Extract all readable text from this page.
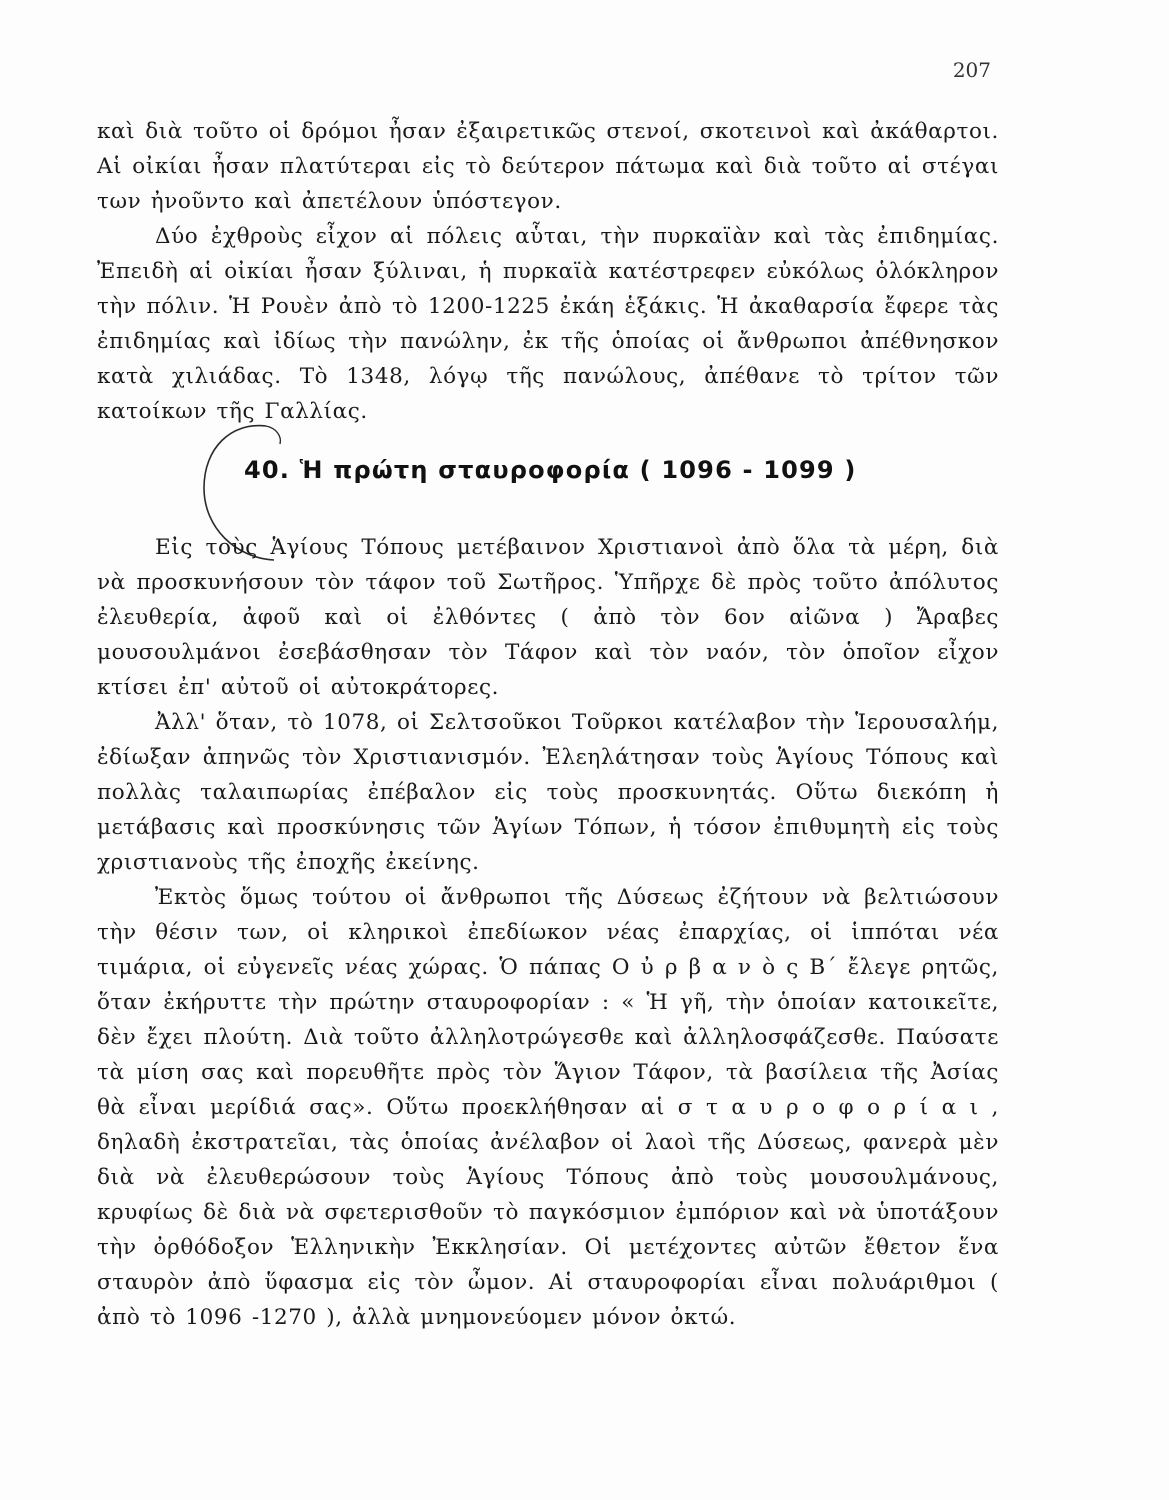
207

καὶ διὰ τοῦτο οἱ δρόμοι ἦσαν ἐξαιρετικῶς στενοί, σκοτεινοὶ καὶ ἀκάθαρτοι. Αἱ οἰκίαι ἦσαν πλατύτεραι εἰς τὸ δεύτερον πάτωμα καὶ διὰ τοῦτο αἱ στέγαι των ἠνοῦντο καὶ ἀπετέλουν ὑπόστεγον.

Δύο ἐχθροὺς εἶχον αἱ πόλεις αὗται, τὴν πυρκαϊὰν καὶ τὰς ἐπιδημίας. Ἐπειδὴ αἱ οἰκίαι ἦσαν ξύλιναι, ἡ πυρκαϊὰ κατέστρεφεν εὐκόλως ὁλόκληρον τὴν πόλιν. Ἡ Ρουὲν ἀπὸ τὸ 1200-1225 ἐκάη ἑξάκις. Ἡ ἀκαθαρσία ἔφερε τὰς ἐπιδημίας καὶ ἰδίως τὴν πανώλην, ἐκ τῆς ὁποίας οἱ ἄνθρωποι ἀπέθνησκον κατὰ χιλιάδας. Τὸ 1348, λόγῳ τῆς πανώλους, ἀπέθανε τὸ τρίτον τῶν κατοίκων τῆς Γαλλίας.

40. Ἡ πρώτη σταυροφορία ( 1096 - 1099 )

Εἰς τοὺς Ἁγίους Τόπους μετέβαινον Χριστιανοὶ ἀπὸ ὅλα τὰ μέρη, διὰ νὰ προσκυνήσουν τὸν τάφον τοῦ Σωτῆρος. Ὑπῆρχε δὲ πρὸς τοῦτο ἀπόλυτος ἐλευθερία, ἀφοῦ καὶ οἱ ἐλθόντες ( ἀπὸ τὸν 6ον αἰῶνα ) Ἄραβες μουσουλμάνοι ἐσεβάσθησαν τὸν Τάφον καὶ τὸν ναόν, τὸν ὁποῖον εἶχον κτίσει ἐπ' αὐτοῦ οἱ αὐτοκράτορες.

Ἀλλ' ὅταν, τὸ 1078, οἱ Σελτσοῦκοι Τοῦρκοι κατέλαβον τὴν Ἱερουσαλήμ, ἐδίωξαν ἀπηνῶς τὸν Χριστιανισμόν. Ἐλεηλάτησαν τοὺς Ἁγίους Τόπους καὶ πολλὰς ταλαιπωρίας ἐπέβαλον εἰς τοὺς προσκυνητάς. Οὕτω διεκόπη ἡ μετάβασις καὶ προσκύνησις τῶν Ἁγίων Τόπων, ἡ τόσον ἐπιθυμητὴ εἰς τοὺς χριστιανοὺς τῆς ἐποχῆς ἐκείνης.

Ἐκτὸς ὅμως τούτου οἱ ἄνθρωποι τῆς Δύσεως ἐζήτουν νὰ βελτιώσουν τὴν θέσιν των, οἱ κληρικοὶ ἐπεδίωκον νέας ἐπαρχίας, οἱ ἱππόται νέα τιμάρια, οἱ εὐγενεῖς νέας χώρας. Ὁ πάπας Ο ὐ ρ β α ν ὸ ς Β΄ ἔλεγε ρητῶς, ὅταν ἐκήρυττε τὴν πρώτην σταυροφορίαν : « Ἡ γῆ, τὴν ὁποίαν κατοικεῖτε, δὲν ἔχει πλούτη. Διὰ τοῦτο ἀλληλοτρώγεσθε καὶ ἀλληλοσφάζεσθε. Παύσατε τὰ μίση σας καὶ πορευθῆτε πρὸς τὸν Ἅγιον Τάφον, τὰ βασίλεια τῆς Ἀσίας θὰ εἶναι μερίδιά σας». Οὕτω προεκλήθησαν αἱ σ τ α υ ρ ο φ ο ρ ί α ι , δηλαδὴ ἐκστρατεῖαι, τὰς ὁποίας ἀνέλαβον οἱ λαοὶ τῆς Δύσεως, φανερὰ μὲν διὰ νὰ ἐλευθερώσουν τοὺς Ἁγίους Τόπους ἀπὸ τοὺς μουσουλμάνους, κρυφίως δὲ διὰ νὰ σφετερισθοῦν τὸ παγκόσμιον ἐμπόριον καὶ νὰ ὑποτάξουν τὴν ὀρθόδοξον Ἑλληνικὴν Ἐκκλησίαν. Οἱ μετέχοντες αὐτῶν ἔθετον ἕνα σταυρὸν ἀπὸ ὕφασμα εἰς τὸν ὦμον. Αἱ σταυροφορίαι εἶναι πολυάριθμοι ( ἀπὸ τὸ 1096 -1270 ), ἀλλὰ μνημονεύομεν μόνον ὀκτώ.
